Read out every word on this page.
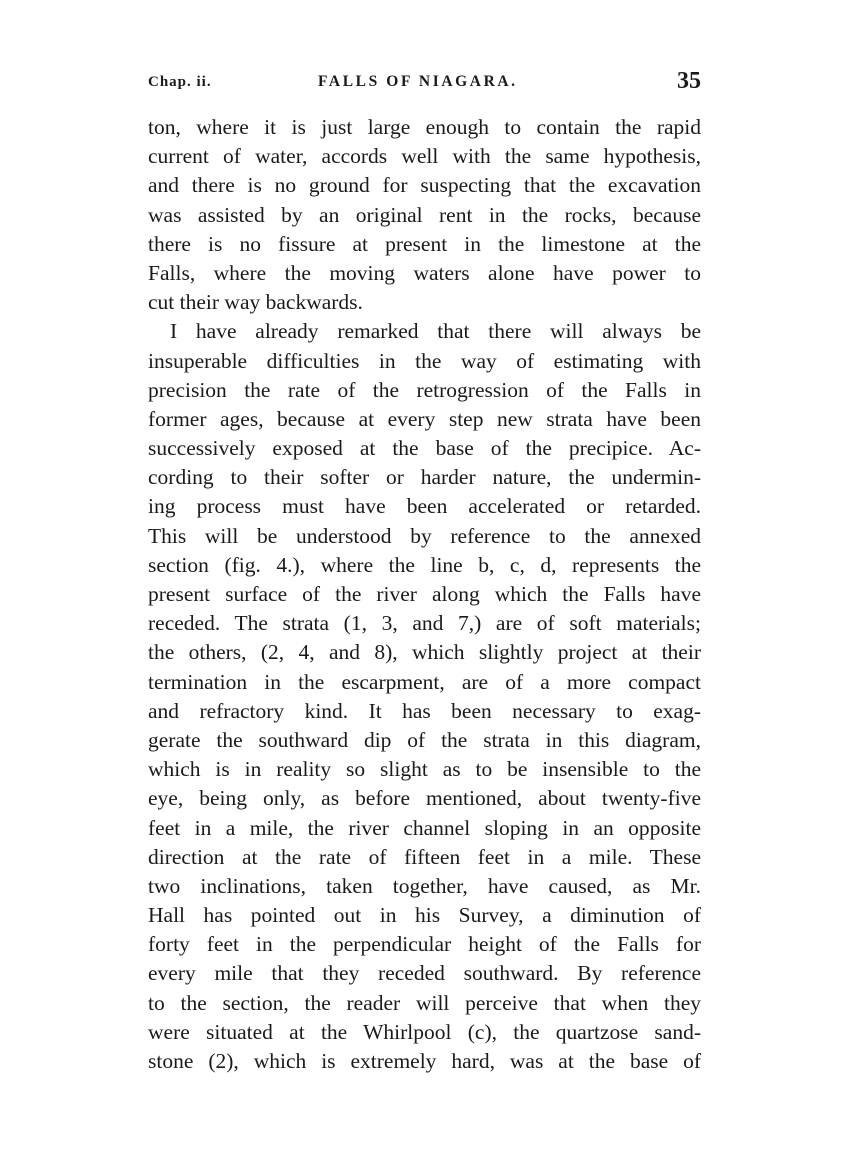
Chap. ii.	FALLS OF NIAGARA.	35
ton, where it is just large enough to contain the rapid
current of water, accords well with the same hypothesis,
and there is no ground for suspecting that the excavation
was assisted by an original rent in the rocks, because
there is no fissure at present in the limestone at the
Falls, where the moving waters alone have power to
cut their way backwards.
I have already remarked that there will always be
insuperable difficulties in the way of estimating with
precision the rate of the retrogression of the Falls in
former ages, because at every step new strata have been
successively exposed at the base of the precipice. Ac-
cording to their softer or harder nature, the undermin-
ing process must have been accelerated or retarded.
This will be understood by reference to the annexed
section (fig. 4.), where the line b, c, d, represents the
present surface of the river along which the Falls have
receded. The strata (1, 3, and 7,) are of soft materials;
the others, (2, 4, and 8), which slightly project at their
termination in the escarpment, are of a more compact
and refractory kind. It has been necessary to exag-
gerate the southward dip of the strata in this diagram,
which is in reality so slight as to be insensible to the
eye, being only, as before mentioned, about twenty-five
feet in a mile, the river channel sloping in an opposite
direction at the rate of fifteen feet in a mile. These
two inclinations, taken together, have caused, as Mr.
Hall has pointed out in his Survey, a diminution of
forty feet in the perpendicular height of the Falls for
every mile that they receded southward. By reference
to the section, the reader will perceive that when they
were situated at the Whirlpool (c), the quartzose sand-
stone (2), which is extremely hard, was at the base of
